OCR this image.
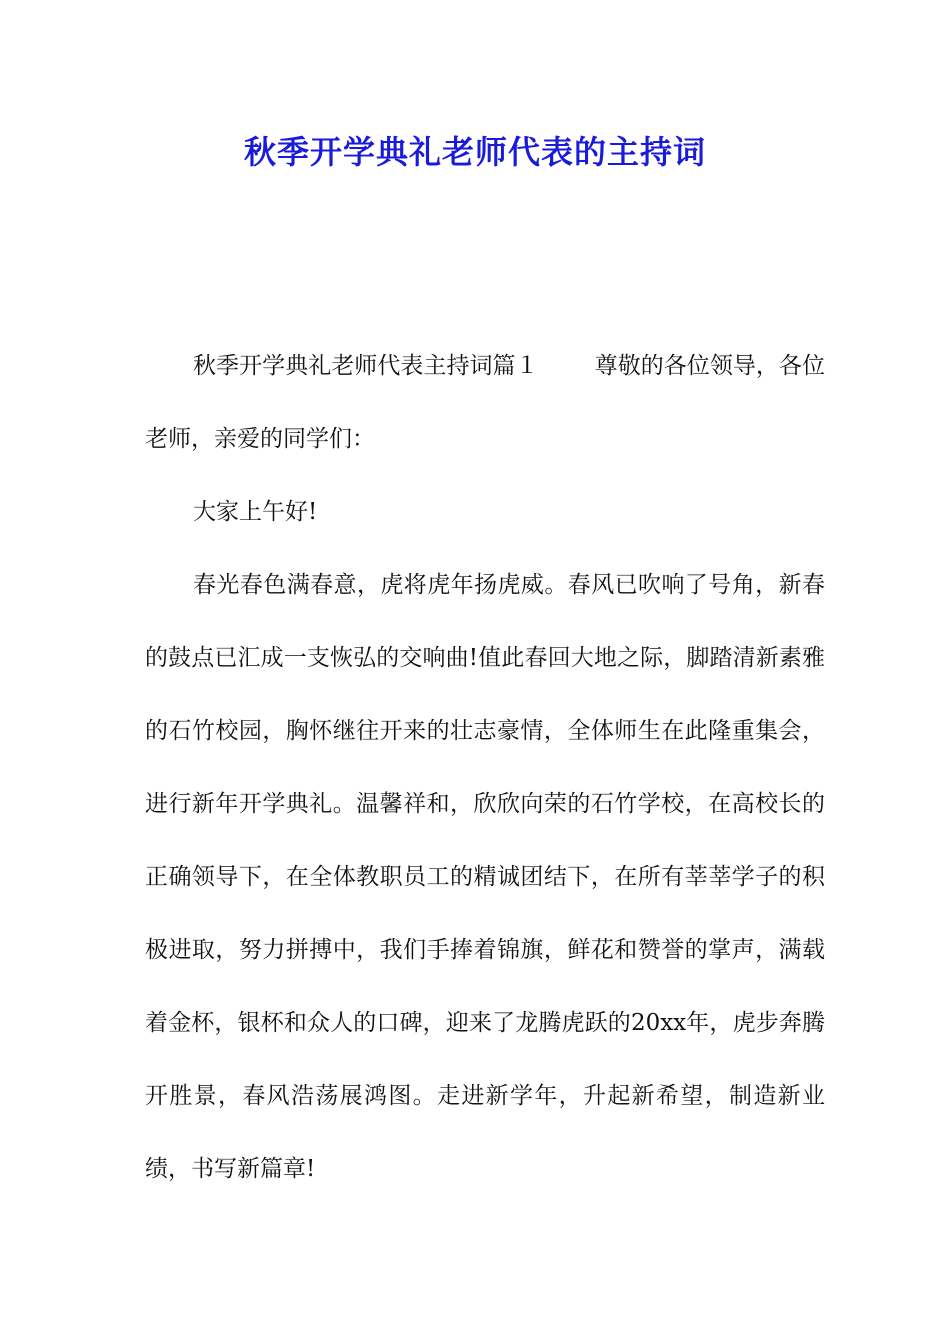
秋季开学典礼老师代表的主持词

秋季开学典礼老师代表主持词篇１ 尊敬的各位领导，各位老师，亲爱的同学们：

大家上午好!

春光春色满春意，虎将虎年扬虎威。春风已吹响了号角，新春的鼓点已汇成一支恢弘的交响曲!值此春回大地之际，脚踏清新素雅的石竹校园，胸怀继往开来的壮志豪情，全体师生在此隆重集会，进行新年开学典礼。温馨祥和，欣欣向荣的石竹学校，在高校长的正确领导下，在全体教职员工的精诚团结下，在所有莘莘学子的积极进取，努力拼搏中，我们手捧着锦旗，鲜花和赞誉的掌声，满载着金杯，银杯和众人的口碑，迎来了龙腾虎跃的20xx年，虎步奔腾开胜景，春风浩荡展鸿图。走进新学年，升起新希望，制造新业绩，书写新篇章!
